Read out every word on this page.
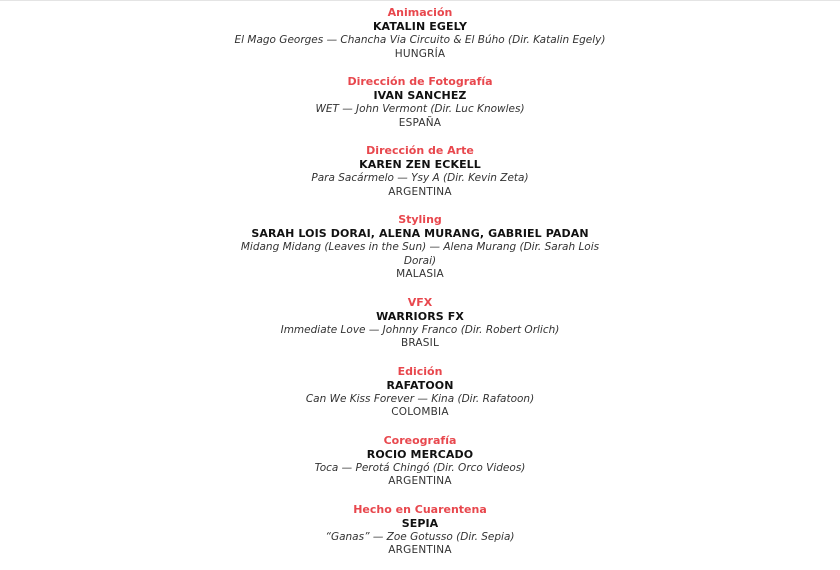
Animación
KATALIN EGELY
El Mago Georges — Chancha Via Circuito & El Búho (Dir. Katalin Egely)
HUNGRÍA
Dirección de Fotografía
IVAN SANCHEZ
WET — John Vermont (Dir. Luc Knowles)
ESPAÑA
Dirección de Arte
KAREN ZEN ECKELL
Para Sacármelo — Ysy A (Dir. Kevin Zeta)
ARGENTINA
Styling
SARAH LOIS DORAI, ALENA MURANG, GABRIEL PADAN
Midang Midang (Leaves in the Sun) — Alena Murang (Dir. Sarah Lois Dorai)
MALASIA
VFX
WARRIORS FX
Immediate Love — Johnny Franco (Dir. Robert Orlich)
BRASIL
Edición
RAFATOON
Can We Kiss Forever — Kina (Dir. Rafatoon)
COLOMBIA
Coreografía
ROCIO MERCADO
Toca — Perotá Chingó (Dir. Orco Videos)
ARGENTINA
Hecho en Cuarentena
SEPIA
“Ganas” — Zoe Gotusso (Dir. Sepia)
ARGENTINA
